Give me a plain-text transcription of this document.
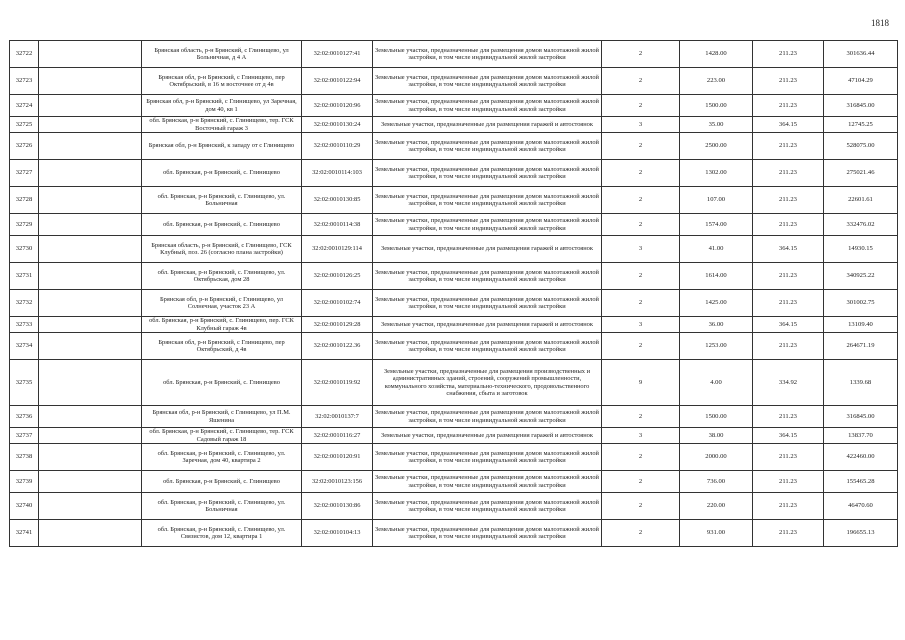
1818
32722		Брянская область, р-н Брянский, с Глинищево, ул Больничная, д 4 А	32:02:0010127:41	Земельные участки, предназначенные для размещения домов малоэтажной жилой застройки, в том числе индивидуальной жилой застройки	2	1428.00	211.23	301636.44
32723		Брянская обл, р-н Брянский, с Глинищево, пер Октябрьский, в 16 м восточнее от д 4в	32:02:0010122:94	Земельные участки, предназначенные для размещения домов малоэтажной жилой застройки, в том числе индивидуальной жилой застройки	2	223.00	211.23	47104.29
32724		Брянская обл, р-н Брянский, с Глинищево, ул Заречная, дом 40, кв 1	32:02:0010120:96	Земельные участки, предназначенные для размещения домов малоэтажной жилой застройки, в том числе индивидуальной жилой застройки	2	1500.00	211.23	316845.00
32725		обл. Брянская, р-н Брянский, с. Глинищево, тер. ГСК Восточный гараж 3	32:02:0010130:24	Земельные участки, предназначенные для размещения гаражей и автостоянок	3	35.00	364.15	12745.25
32726		Брянская обл, р-н Брянский, к западу от с Глинищево	32:02:0010110:29	Земельные участки, предназначенные для размещения домов малоэтажной жилой застройки, в том числе индивидуальной жилой застройки	2	2500.00	211.23	528075.00
32727		обл. Брянская, р-н Брянский, с. Глинищево	32:02:0010114:103	Земельные участки, предназначенные для размещения домов малоэтажной жилой застройки, в том числе индивидуальной жилой застройки	2	1302.00	211.23	275021.46
32728		обл. Брянская, р-н Брянский, с. Глинищево, ул. Больничная	32:02:0010130:85	Земельные участки, предназначенные для размещения домов малоэтажной жилой застройки, в том числе индивидуальной жилой застройки	2	107.00	211.23	22601.61
32729		обл. Брянская, р-н Брянский, с. Глинищево	32:02:0010114:38	Земельные участки, предназначенные для размещения домов малоэтажной жилой застройки, в том числе индивидуальной жилой застройки	2	1574.00	211.23	332476.02
32730		Брянская область, р-н Брянский, с Глинищево, ГСК Клубный, поз. 26 (согласно плана застройки)	32:02:0010129:114	Земельные участки, предназначенные для размещения гаражей и автостоянок	3	41.00	364.15	14930.15
32731		обл. Брянская, р-н Брянский, с. Глинищево, ул. Октябрьская, дом 28	32:02:0010126:25	Земельные участки, предназначенные для размещения домов малоэтажной жилой застройки, в том числе индивидуальной жилой застройки	2	1614.00	211.23	340925.22
32732		Брянская обл, р-н Брянский, с Глинищево, ул Солнечная, участок 23 А	32:02:0010102:74	Земельные участки, предназначенные для размещения домов малоэтажной жилой застройки, в том числе индивидуальной жилой застройки	2	1425.00	211.23	301002.75
32733		обл. Брянская, р-н Брянский, с. Глинищево, пер. ГСК Клубный гараж 4в	32:02:0010129:28	Земельные участки, предназначенные для размещения гаражей и автостоянок	3	36.00	364.15	13109.40
32734		Брянская обл, р-н Брянский, с Глинищево, пер Октябрьский, д 4в	32:02:0010122.36	Земельные участки, предназначенные для размещения домов малоэтажной жилой застройки, в том числе индивидуальной жилой застройки	2	1253.00	211.23	264671.19
32735		обл. Брянская, р-н Брянский, с. Глинищево	32:02:0010119:92	Земельные участки, предназначенные для размещения производственных и административных зданий, строений, сооружений промышленности, коммунального хозяйства, материально-технического, продовольственного снабжения, сбыта и заготовок	9	4.00	334.92	1339.68
32736		Брянская обл, р-н Брянский, с Глинищево, ул П.М. Яшенина	32:02:0010137:7	Земельные участки, предназначенные для размещения домов малоэтажной жилой застройки, в том числе индивидуальной жилой застройки	2	1500.00	211.23	316845.00
32737		обл. Брянская, р-н Брянский, с. Глинищево, тер. ГСК Садовый гараж 18	32:02:0010116:27	Земельные участки, предназначенные для размещения гаражей и автостоянок	3	38.00	364.15	13837.70
32738		обл. Брянская, р-н Брянский, с. Глинищево, ул. Заречная, дом 40, квартира 2	32:02:0010120:91	Земельные участки, предназначенные для размещения домов малоэтажной жилой застройки, в том числе индивидуальной жилой застройки	2	2000.00	211.23	422460.00
32739		обл. Брянская, р-н Брянский, с. Глинищево	32:02:0010123:156	Земельные участки, предназначенные для размещения домов малоэтажной жилой застройки, в том числе индивидуальной жилой застройки	2	736.00	211.23	155465.28
32740		обл. Брянская, р-н Брянский, с. Глинищево, ул. Больничная	32:02:0010130:86	Земельные участки, предназначенные для размещения домов малоэтажной жилой застройки, в том числе индивидуальной жилой застройки	2	220.00	211.23	46470.60
32741		обл. Брянская, р-н Брянский, с. Глинищево, ул. Связистов, дом 12, квартира 1	32:02:0010104:13	Земельные участки, предназначенные для размещения домов малоэтажной жилой застройки, в том числе индивидуальной жилой застройки	2	931.00	211.23	196655.13
